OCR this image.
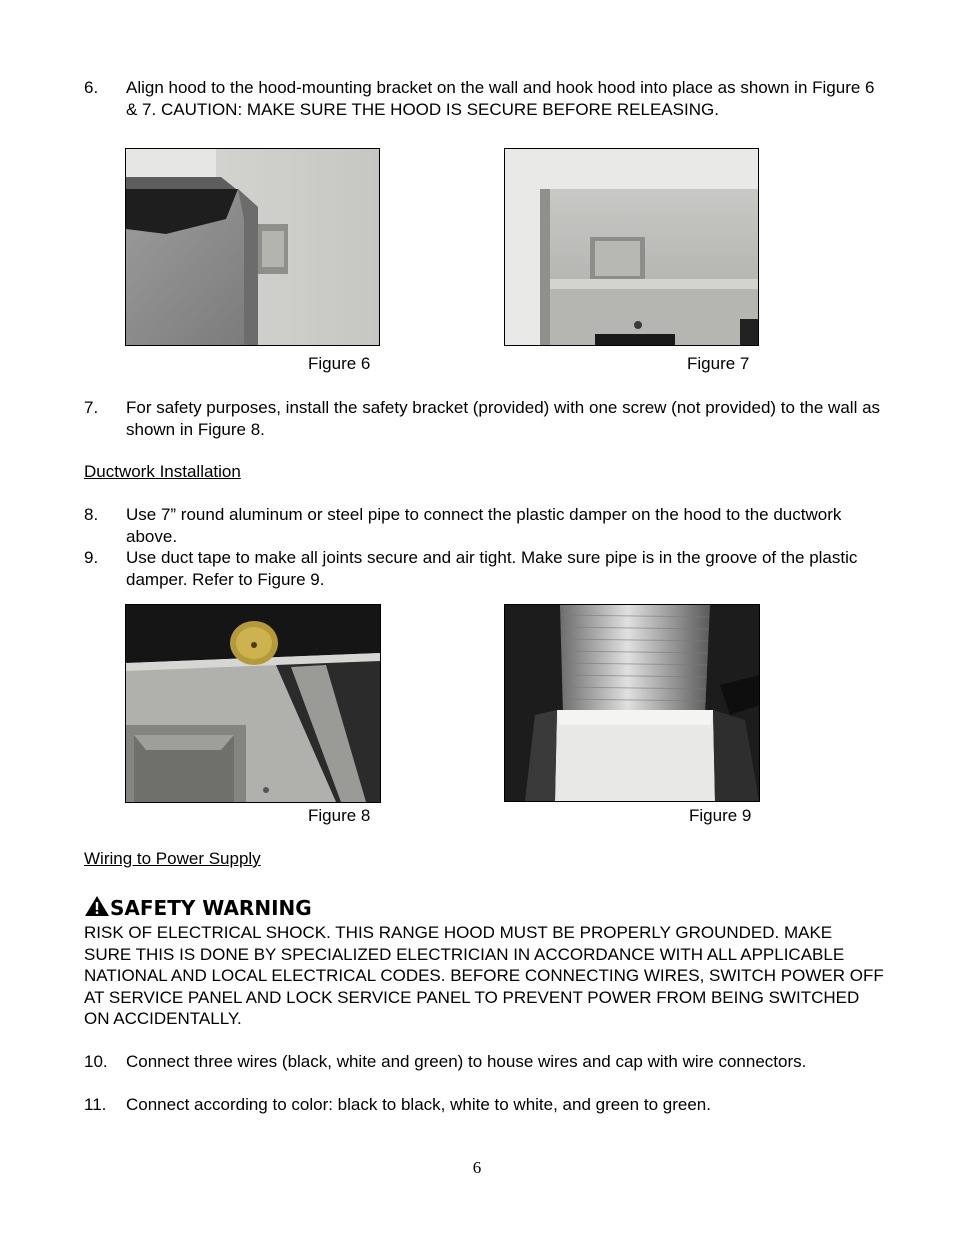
6. Align hood to the hood-mounting bracket on the wall and hook hood into place as shown in Figure 6 & 7. CAUTION: MAKE SURE THE HOOD IS SECURE BEFORE RELEASING.
Figure 6	Figure 7
7. For safety purposes, install the safety bracket (provided) with one screw (not provided) to the wall as shown in Figure 8.
Ductwork Installation
8. Use 7” round aluminum or steel pipe to connect the plastic damper on the hood to the ductwork above.
9. Use duct tape to make all joints secure and air tight. Make sure pipe is in the groove of the plastic damper. Refer to Figure 9.
Figure 8	Figure 9
Wiring to Power Supply
SAFETY WARNING
RISK OF ELECTRICAL SHOCK. THIS RANGE HOOD MUST BE PROPERLY GROUNDED. MAKE SURE THIS IS DONE BY SPECIALIZED ELECTRICIAN IN ACCORDANCE WITH ALL APPLICABLE NATIONAL AND LOCAL ELECTRICAL CODES. BEFORE CONNECTING WIRES, SWITCH POWER OFF AT SERVICE PANEL AND LOCK SERVICE PANEL TO PREVENT POWER FROM BEING SWITCHED ON ACCIDENTALLY.
10. Connect three wires (black, white and green) to house wires and cap with wire connectors.
11. Connect according to color: black to black, white to white, and green to green.
6
